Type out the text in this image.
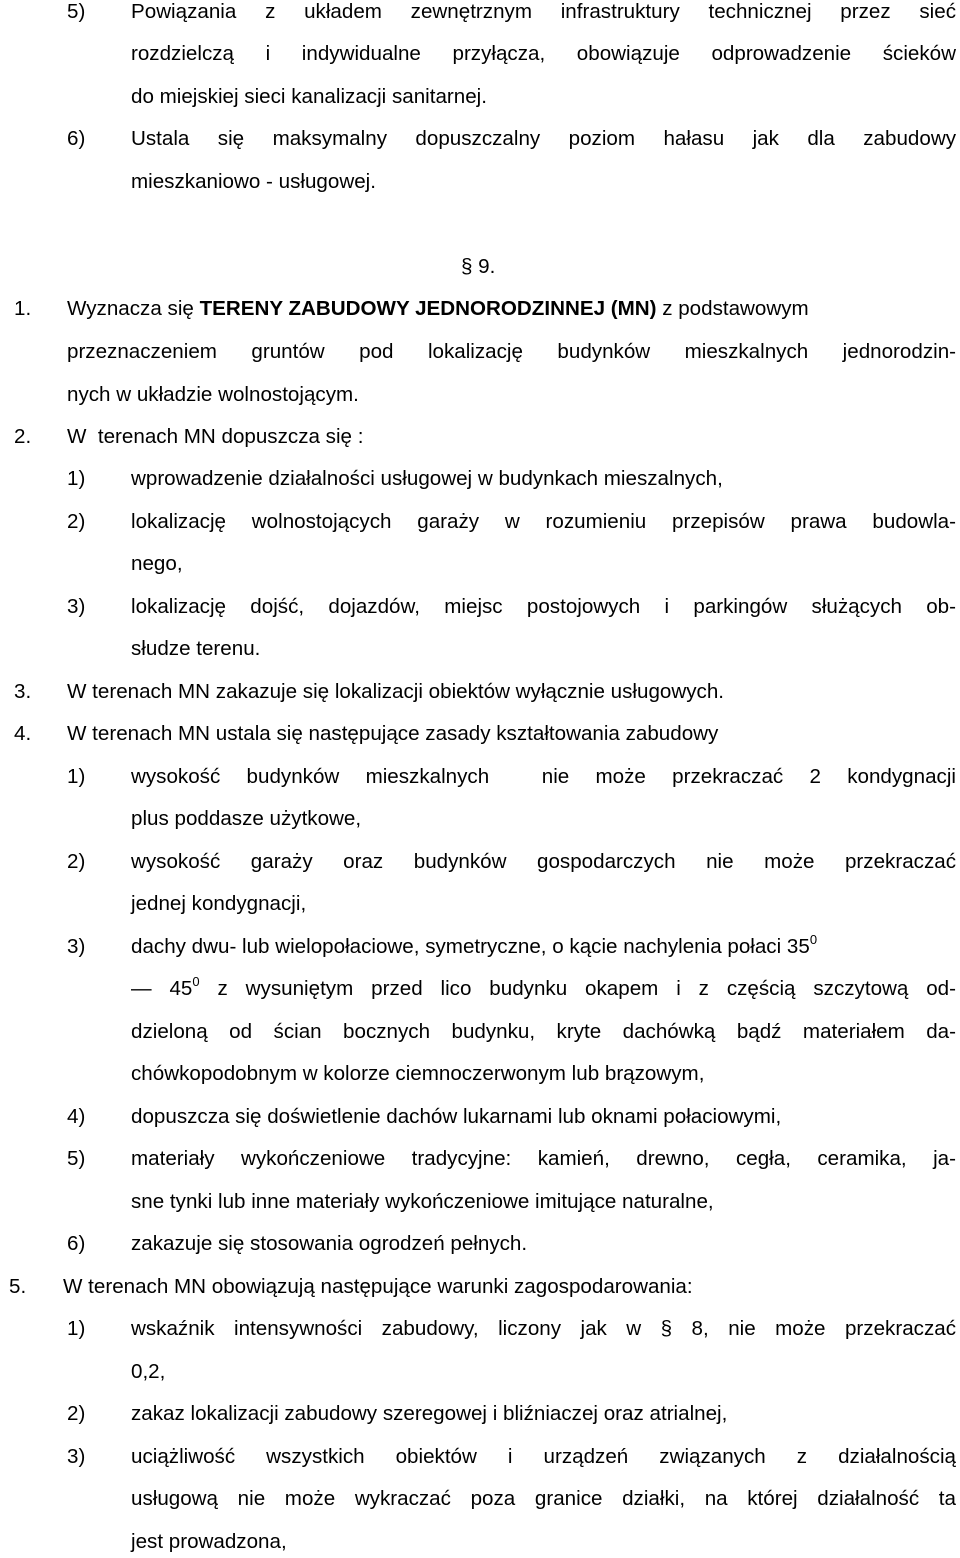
5) Powiązania z układem zewnętrznym infrastruktury technicznej przez sieć

rozdzielczą i indywidualne przyłącza, obowiązuje odprowadzenie ścieków

do miejskiej sieci kanalizacji sanitarnej.

6) Ustala się maksymalny dopuszczalny poziom hałasu jak dla zabudowy

mieszkaniowo - usługowej.

§ 9.

1. Wyznacza się TERENY ZABUDOWY JEDNORODZINNEJ (MN) z podstawowym

przeznaczeniem gruntów pod lokalizację budynków mieszkalnych jednorodzin-

nych w układzie wolnostojącym.

2. W  terenach MN dopuszcza się :

1) wprowadzenie działalności usługowej w budynkach mieszalnych,

2) lokalizację wolnostojących garaży w rozumieniu przepisów prawa budowla-

nego,

3) lokalizację dojść, dojazdów, miejsc postojowych i parkingów służących ob-

słudze terenu.

3. W terenach MN zakazuje się lokalizacji obiektów wyłącznie usługowych.

4. W terenach MN ustala się następujące zasady kształtowania zabudowy

1) wysokość budynków mieszkalnych  nie może przekraczać 2 kondygnacji

plus poddasze użytkowe,

2) wysokość garaży oraz budynków gospodarczych nie może przekraczać

jednej kondygnacji,

3) dachy dwu- lub wielopołaciowe, symetryczne, o kącie nachylenia połaci $35^0$

— $45^0$ z wysuniętym przed lico budynku okapem i z częścią szczytową od-

dzieloną od ścian bocznych budynku, kryte dachówką bądź materiałem da-

chówkopodobnym w kolorze ciemnoczerwonym lub brązowym,

4) dopuszcza się doświetlenie dachów lukarnami lub oknami połaciowymi,

5) materiały wykończeniowe tradycyjne: kamień, drewno, cegła, ceramika, ja-

sne tynki lub inne materiały wykończeniowe imitujące naturalne,

6) zakazuje się stosowania ogrodzeń pełnych.

5. W terenach MN obowiązują następujące warunki zagospodarowania:

1) wskaźnik intensywności zabudowy, liczony jak w § 8, nie może przekraczać

0,2,

2) zakaz lokalizacji zabudowy szeregowej i bliźniaczej oraz atrialnej,

3) uciążliwość wszystkich obiektów i urządzeń związanych z działalnością

usługową nie może wykraczać poza granice działki, na której działalność ta

jest prowadzona,
